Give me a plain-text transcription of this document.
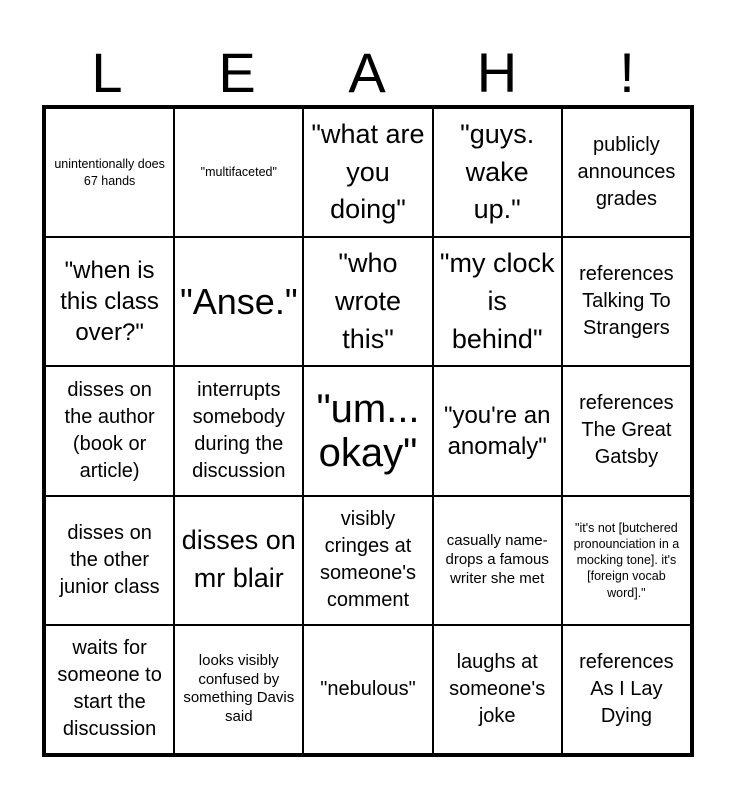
L	E	A	H	!
unintentionally does 67 hands
"multifaceted"
"what are you doing"
"guys. wake up."
publicly announces grades
"when is this class over?"
"Anse."
"who wrote this"
"my clock is behind"
references Talking To Strangers
disses on the author (book or article)
interrupts somebody during the discussion
"um... okay"
"you're an anomaly"
references The Great Gatsby
disses on the other junior class
disses on mr blair
visibly cringes at someone's comment
casually name-drops a famous writer she met
"it's not [butchered pronounciation in a mocking tone]. it's [foreign vocab word]."
waits for someone to start the discussion
looks visibly confused by something Davis said
"nebulous"
laughs at someone's joke
references As I Lay Dying
